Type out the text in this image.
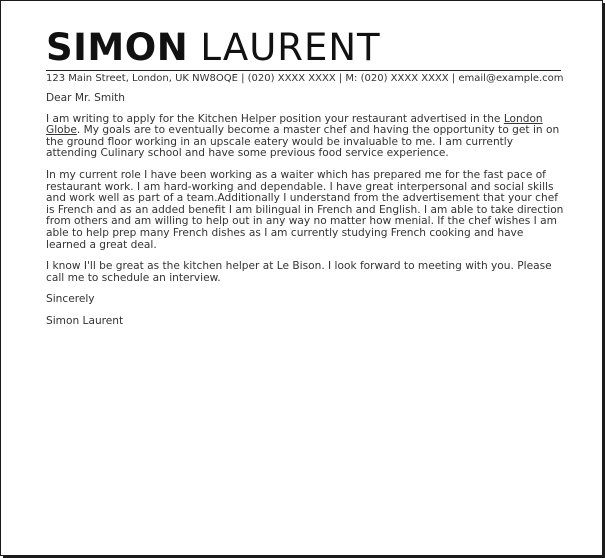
SIMON LAURENT
123 Main Street, London, UK NW8OQE | (020) XXXX XXXX | M: (020) XXXX XXXX | email@example.com

Dear Mr. Smith

I am writing to apply for the Kitchen Helper position your restaurant advertised in the London Globe. My goals are to eventually become a master chef and having the opportunity to get in on the ground floor working in an upscale eatery would be invaluable to me. I am currently attending Culinary school and have some previous food service experience.

In my current role I have been working as a waiter which has prepared me for the fast pace of restaurant work. I am hard-working and dependable. I have great interpersonal and social skills and work well as part of a team.Additionally I understand from the advertisement that your chef is French and as an added benefit I am bilingual in French and English. I am able to take direction from others and am willing to help out in any way no matter how menial. If the chef wishes I am able to help prep many French dishes as I am currently studying French cooking and have learned a great deal.

I know I'll be great as the kitchen helper at Le Bison. I look forward to meeting with you. Please call me to schedule an interview.

Sincerely

Simon Laurent
